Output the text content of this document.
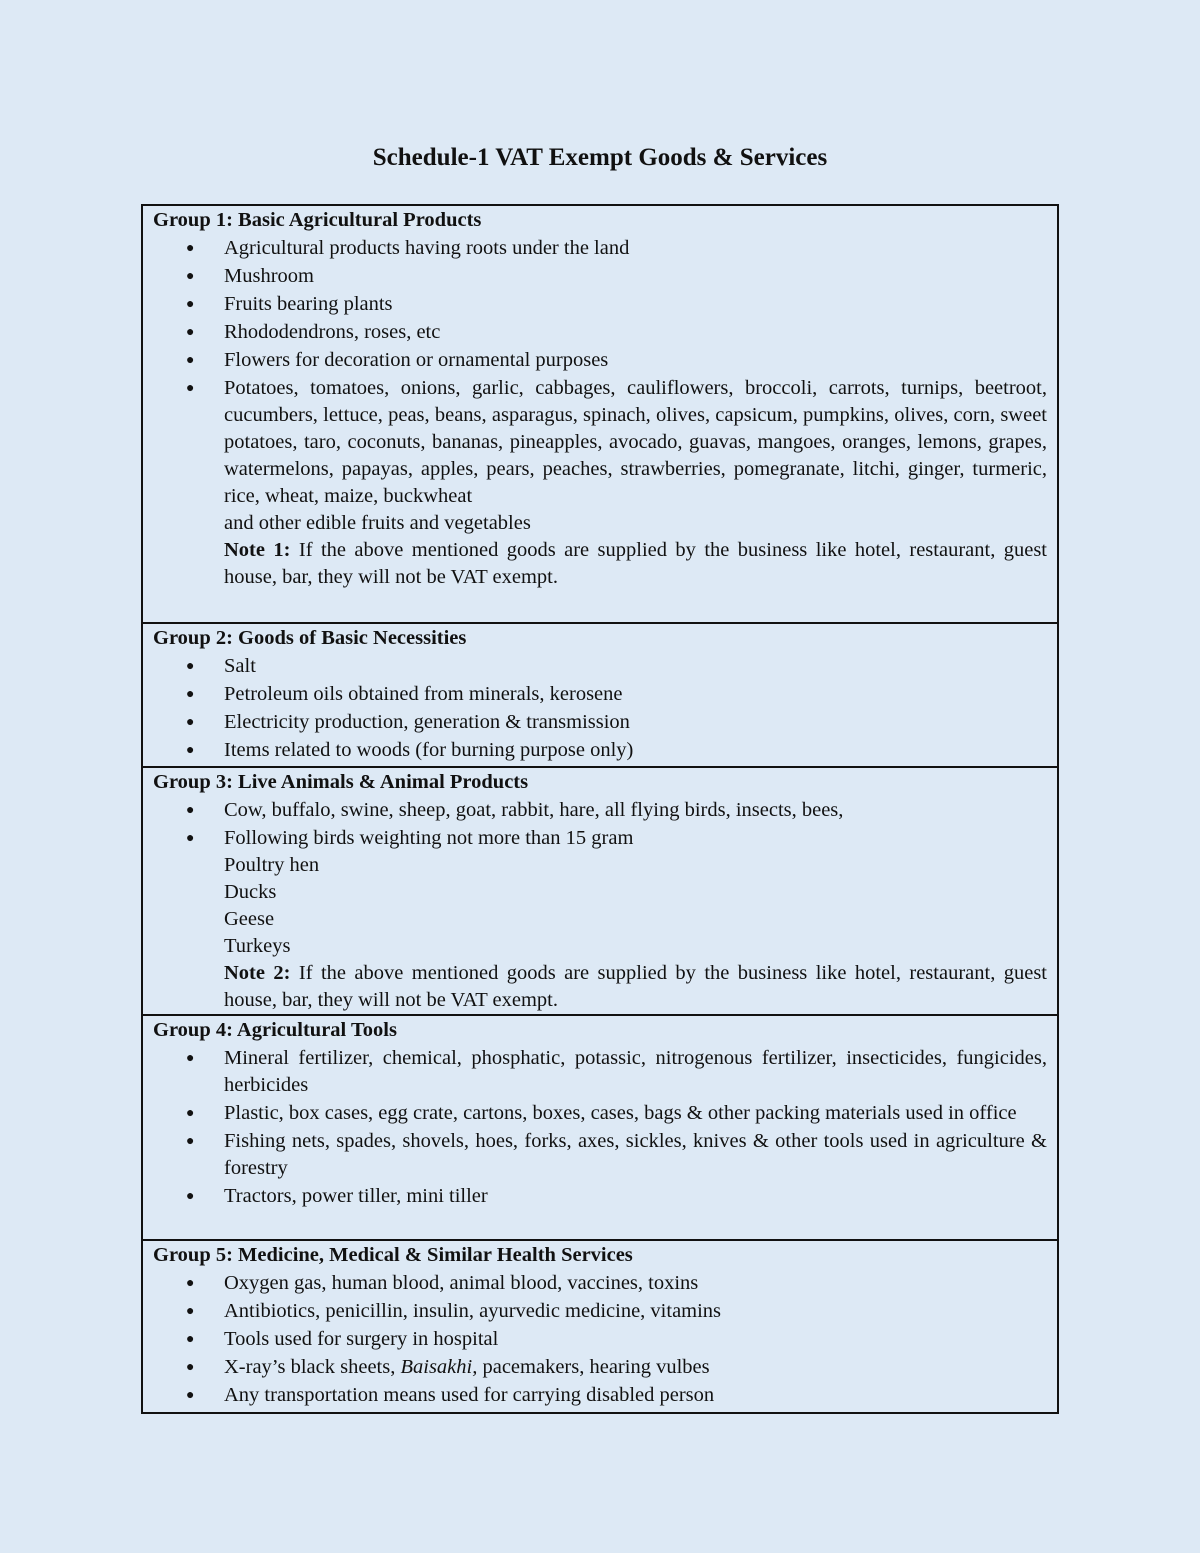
Schedule-1 VAT Exempt Goods & Services
Group 1: Basic Agricultural Products
● Agricultural products having roots under the land
● Mushroom
● Fruits bearing plants
● Rhododendrons, roses, etc
● Flowers for decoration or ornamental purposes
● Potatoes, tomatoes, onions, garlic, cabbages, cauliflowers, broccoli, carrots, turnips, beetroot, cucumbers, lettuce, peas, beans, asparagus, spinach, olives, capsicum, pumpkins, olives, corn, sweet potatoes, taro, coconuts, bananas, pineapples, avocado, guavas, mangoes, oranges, lemons, grapes, watermelons, papayas, apples, pears, peaches, strawberries, pomegranate, litchi, ginger, turmeric, rice, wheat, maize, buckwheat
and other edible fruits and vegetables
Note 1: If the above mentioned goods are supplied by the business like hotel, restaurant, guest house, bar, they will not be VAT exempt.
Group 2: Goods of Basic Necessities
● Salt
● Petroleum oils obtained from minerals, kerosene
● Electricity production, generation & transmission
● Items related to woods (for burning purpose only)
Group 3: Live Animals & Animal Products
● Cow, buffalo, swine, sheep, goat, rabbit, hare, all flying birds, insects, bees,
● Following birds weighting not more than 15 gram
Poultry hen
Ducks
Geese
Turkeys
Note 2: If the above mentioned goods are supplied by the business like hotel, restaurant, guest house, bar, they will not be VAT exempt.
Group 4: Agricultural Tools
● Mineral fertilizer, chemical, phosphatic, potassic, nitrogenous fertilizer, insecticides, fungicides, herbicides
● Plastic, box cases, egg crate, cartons, boxes, cases, bags & other packing materials used in office
● Fishing nets, spades, shovels, hoes, forks, axes, sickles, knives & other tools used in agriculture & forestry
● Tractors, power tiller, mini tiller
Group 5: Medicine, Medical & Similar Health Services
● Oxygen gas, human blood, animal blood, vaccines, toxins
● Antibiotics, penicillin, insulin, ayurvedic medicine, vitamins
● Tools used for surgery in hospital
● X-ray’s black sheets, Baisakhi, pacemakers, hearing vulbes
● Any transportation means used for carrying disabled person
